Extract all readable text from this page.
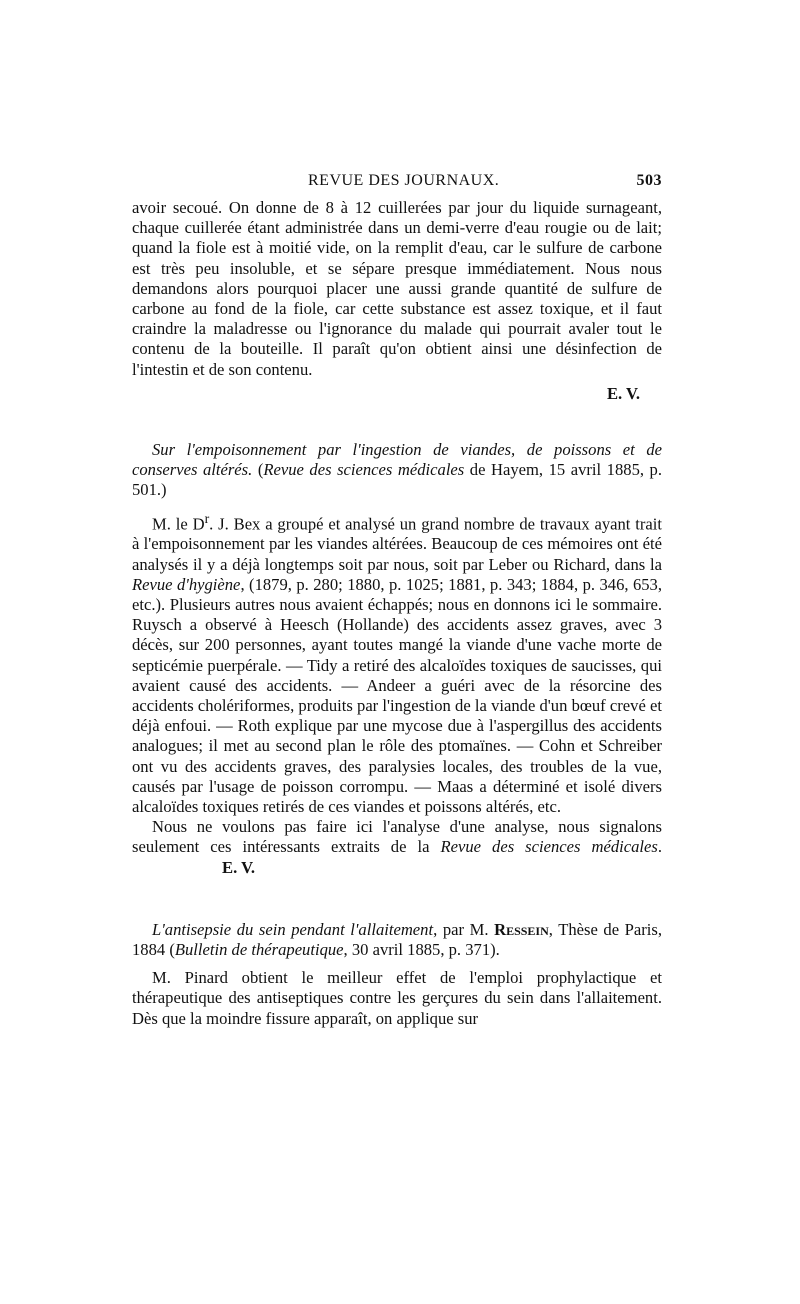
REVUE DES JOURNAUX.	503

avoir secoué. On donne de 8 à 12 cuillerées par jour du liquide surnageant, chaque cuillerée étant administrée dans un demi-verre d'eau rougie ou de lait; quand la fiole est à moitié vide, on la remplit d'eau, car le sulfure de carbone est très peu insoluble, et se sépare presque immédiatement. Nous nous demandons alors pourquoi placer une aussi grande quantité de sulfure de carbone au fond de la fiole, car cette substance est assez toxique, et il faut craindre la maladresse ou l'ignorance du malade qui pourrait avaler tout le contenu de la bouteille. Il paraît qu'on obtient ainsi une désinfection de l'intestin et de son contenu.

E. V.

Sur l'empoisonnement par l'ingestion de viandes, de poissons et de conserves altérés. (Revue des sciences médicales de Hayem, 15 avril 1885, p. 501.)

M. le $D^r$. J. Bex a groupé et analysé un grand nombre de travaux ayant trait à l'empoisonnement par les viandes altérées. Beaucoup de ces mémoires ont été analysés il y a déjà longtemps soit par nous, soit par Leber ou Richard, dans la Revue d'hygiène, (1879, p. 280; 1880, p. 1025; 1881, p. 343; 1884, p. 346, 653, etc.). Plusieurs autres nous avaient échappés; nous en donnons ici le sommaire. Ruysch a observé à Heesch (Hollande) des accidents assez graves, avec 3 décès, sur 200 personnes, ayant toutes mangé la viande d'une vache morte de septicémie puerpérale. — Tidy a retiré des alcaloïdes toxiques de saucisses, qui avaient causé des accidents. — Andeer a guéri avec de la résorcine des accidents cholériformes, produits par l'ingestion de la viande d'un bœuf crevé et déjà enfoui. — Roth explique par une mycose due à l'aspergillus des accidents analogues; il met au second plan le rôle des ptomaïnes. — Cohn et Schreiber ont vu des accidents graves, des paralysies locales, des troubles de la vue, causés par l'usage de poisson corrompu. — Maas a déterminé et isolé divers alcaloïdes toxiques retirés de ces viandes et poissons altérés, etc.

Nous ne voulons pas faire ici l'analyse d'une analyse, nous signalons seulement ces intéressants extraits de la Revue des sciences médicales.E. V.

L'antisepsie du sein pendant l'allaitement, par M. Ressein, Thèse de Paris, 1884 (Bulletin de thérapeutique, 30 avril 1885, p. 371).

M. Pinard obtient le meilleur effet de l'emploi prophylactique et thérapeutique des antiseptiques contre les gerçures du sein dans l'allaitement. Dès que la moindre fissure apparaît, on applique sur
